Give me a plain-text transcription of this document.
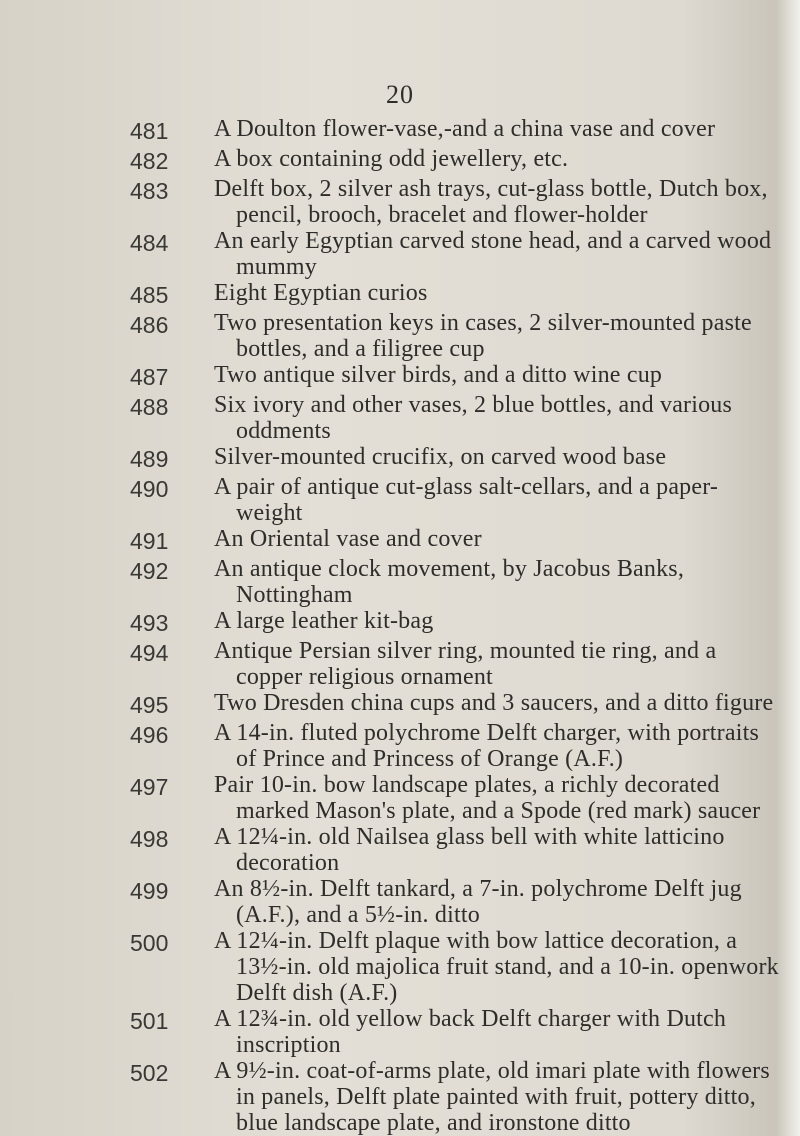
20
481	A Doulton flower-vase,-and a china vase and cover
482	A box containing odd jewellery, etc.
483	Delft box, 2 silver ash trays, cut-glass bottle, Dutch box,
pencil, brooch, bracelet and flower-holder
484	An early Egyptian carved stone head, and a carved wood
mummy
485	Eight Egyptian curios
486	Two presentation keys in cases, 2 silver-mounted paste
bottles, and a filigree cup
487	Two antique silver birds, and a ditto wine cup
488	Six ivory and other vases, 2 blue bottles, and various
oddments
489	Silver-mounted crucifix, on carved wood base
490	A pair of antique cut-glass salt-cellars, and a paper-
weight
491	An Oriental vase and cover
492	An antique clock movement, by Jacobus Banks,
Nottingham
493	A large leather kit-bag
494	Antique Persian silver ring, mounted tie ring, and a
copper religious ornament
495	Two Dresden china cups and 3 saucers, and a ditto figure
496	A 14-in. fluted polychrome Delft charger, with portraits
of Prince and Princess of Orange (A.F.)
497	Pair 10-in. bow landscape plates, a richly decorated
marked Mason's plate, and a Spode (red mark) saucer
498	A 12¼-in. old Nailsea glass bell with white latticino
decoration
499	An 8½-in. Delft tankard, a 7-in. polychrome Delft jug
(A.F.), and a 5½-in. ditto
500	A 12¼-in. Delft plaque with bow lattice decoration, a
13½-in. old majolica fruit stand, and a 10-in. openwork
Delft dish (A.F.)
501	A 12¾-in. old yellow back Delft charger with Dutch
inscription
502	A 9½-in. coat-of-arms plate, old imari plate with flowers
in panels, Delft plate painted with fruit, pottery ditto,
blue landscape plate, and ironstone ditto
